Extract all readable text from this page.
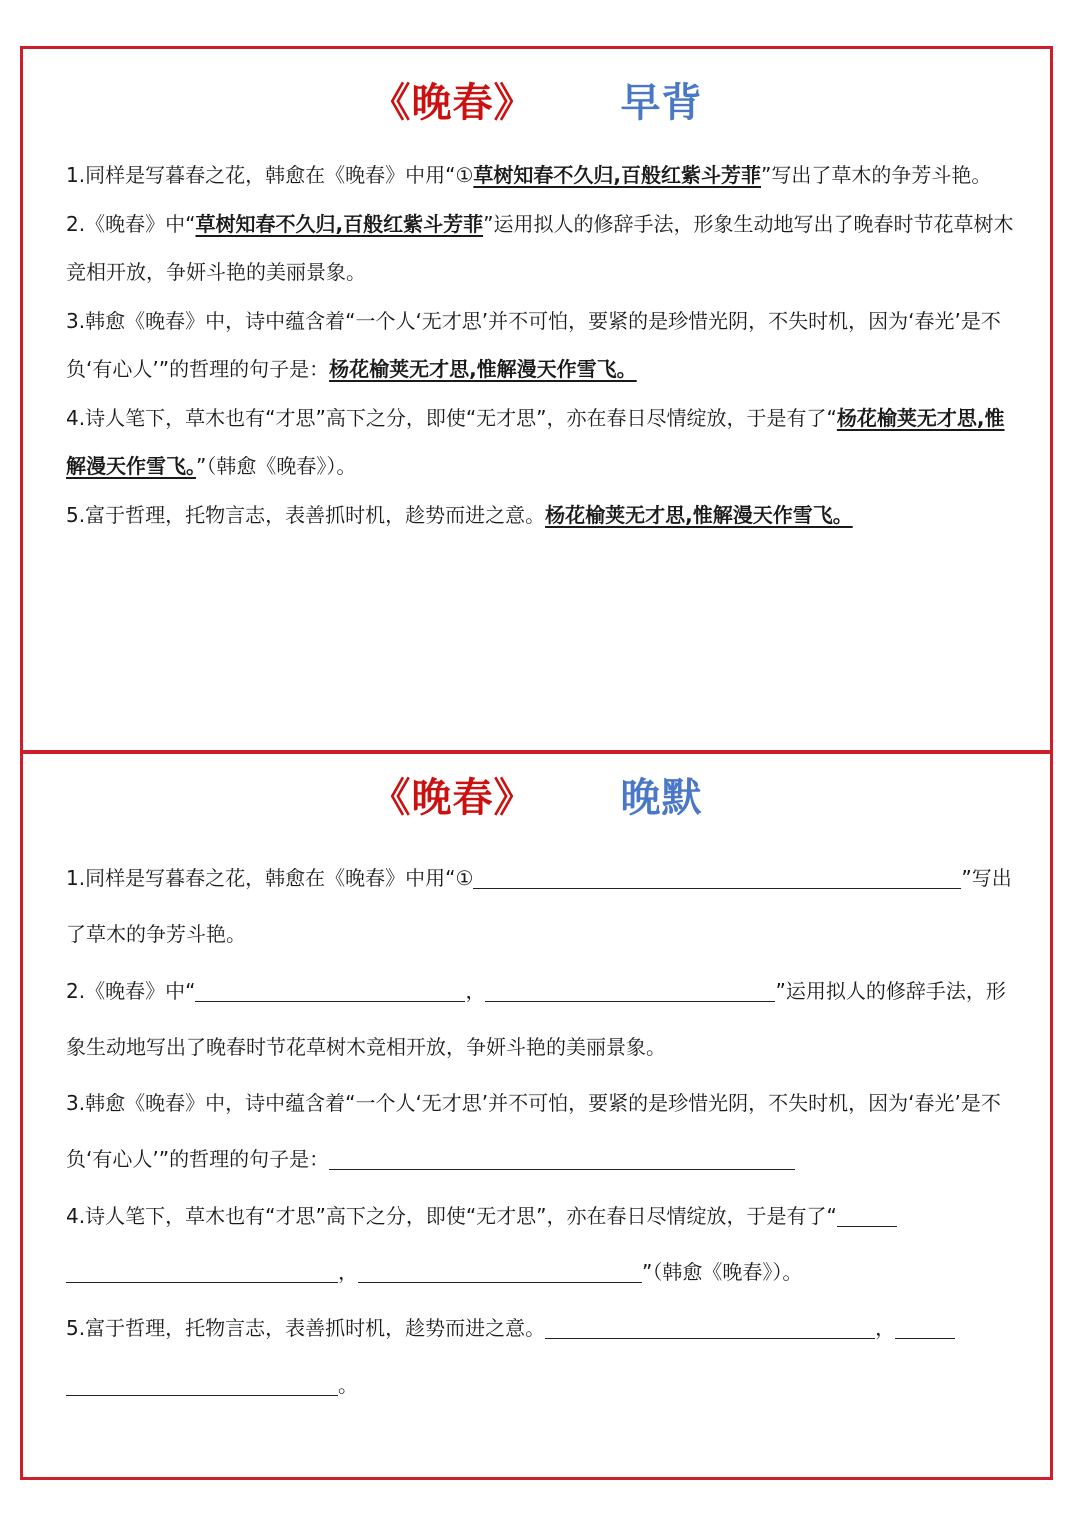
《晚春》 早背

1.同样是写暮春之花，韩愈在《晚春》中用“①草树知春不久归,百般红紫斗芳菲”写出了草木的争芳斗艳。

2.《晚春》中“草树知春不久归,百般红紫斗芳菲”运用拟人的修辞手法，形象生动地写出了晚春时节花草树木竞相开放，争妍斗艳的美丽景象。

3.韩愈《晚春》中，诗中蕴含着“一个人‘无才思’并不可怕，要紧的是珍惜光阴，不失时机，因为‘春光’是不负‘有心人’”的哲理的句子是：杨花榆荚无才思,惟解漫天作雪飞。

4.诗人笔下，草木也有“才思”高下之分，即使“无才思”，亦在春日尽情绽放，于是有了“杨花榆荚无才思,惟解漫天作雪飞。”（韩愈《晚春》）。

5.富于哲理，托物言志，表善抓时机，趁势而进之意。杨花榆荚无才思,惟解漫天作雪飞。

《晚春》 晚默

1.同样是写暮春之花，韩愈在《晚春》中用“①	”写出了草木的争芳斗艳。

2.《晚春》中“	，	”运用拟人的修辞手法，形象生动地写出了晚春时节花草树木竞相开放，争妍斗艳的美丽景象。

3.韩愈《晚春》中，诗中蕴含着“一个人‘无才思’并不可怕，要紧的是珍惜光阴，不失时机，因为‘春光’是不负‘有心人’”的哲理的句子是：

4.诗人笔下，草木也有“才思”高下之分，即使“无才思”，亦在春日尽情绽放，于是有了“，	”（韩愈《晚春》）。

5.富于哲理，托物言志，表善抓时机，趁势而进之意。	，。
